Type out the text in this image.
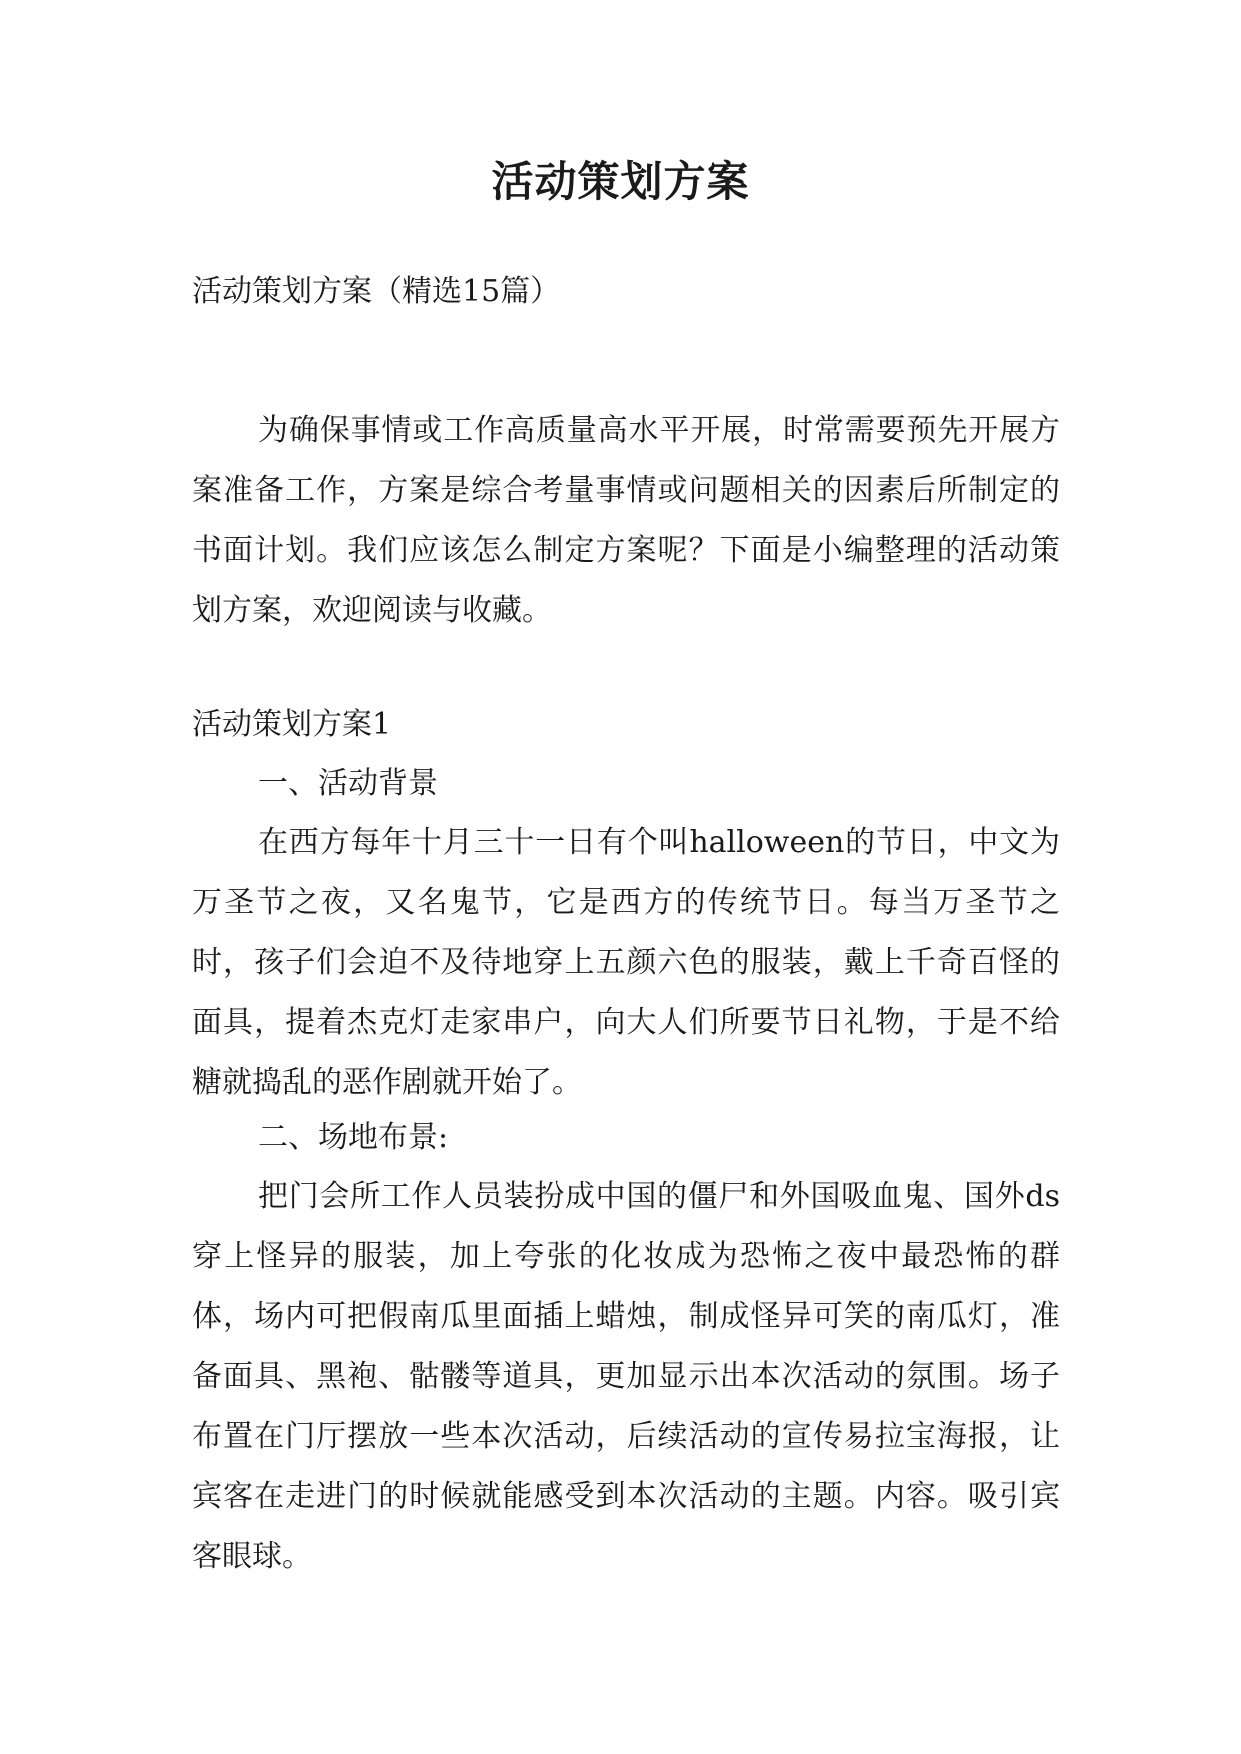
活动策划方案

活动策划方案（精选15篇）

为确保事情或工作高质量高水平开展，时常需要预先开展方案准备工作，方案是综合考量事情或问题相关的因素后所制定的书面计划。我们应该怎么制定方案呢？下面是小编整理的活动策划方案，欢迎阅读与收藏。

活动策划方案1

一、活动背景

在西方每年十月三十一日有个叫halloween的节日，中文为万圣节之夜，又名鬼节，它是西方的传统节日。每当万圣节之时，孩子们会迫不及待地穿上五颜六色的服装，戴上千奇百怪的面具，提着杰克灯走家串户，向大人们所要节日礼物，于是不给糖就捣乱的恶作剧就开始了。

二、场地布景:

把门会所工作人员装扮成中国的僵尸和外国吸血鬼、国外ds穿上怪异的服装，加上夸张的化妆成为恐怖之夜中最恐怖的群体，场内可把假南瓜里面插上蜡烛，制成怪异可笑的南瓜灯，准备面具、黑袍、骷髅等道具，更加显示出本次活动的氛围。场子布置在门厅摆放一些本次活动，后续活动的宣传易拉宝海报，让宾客在走进门的时候就能感受到本次活动的主题。内容。吸引宾客眼球。
